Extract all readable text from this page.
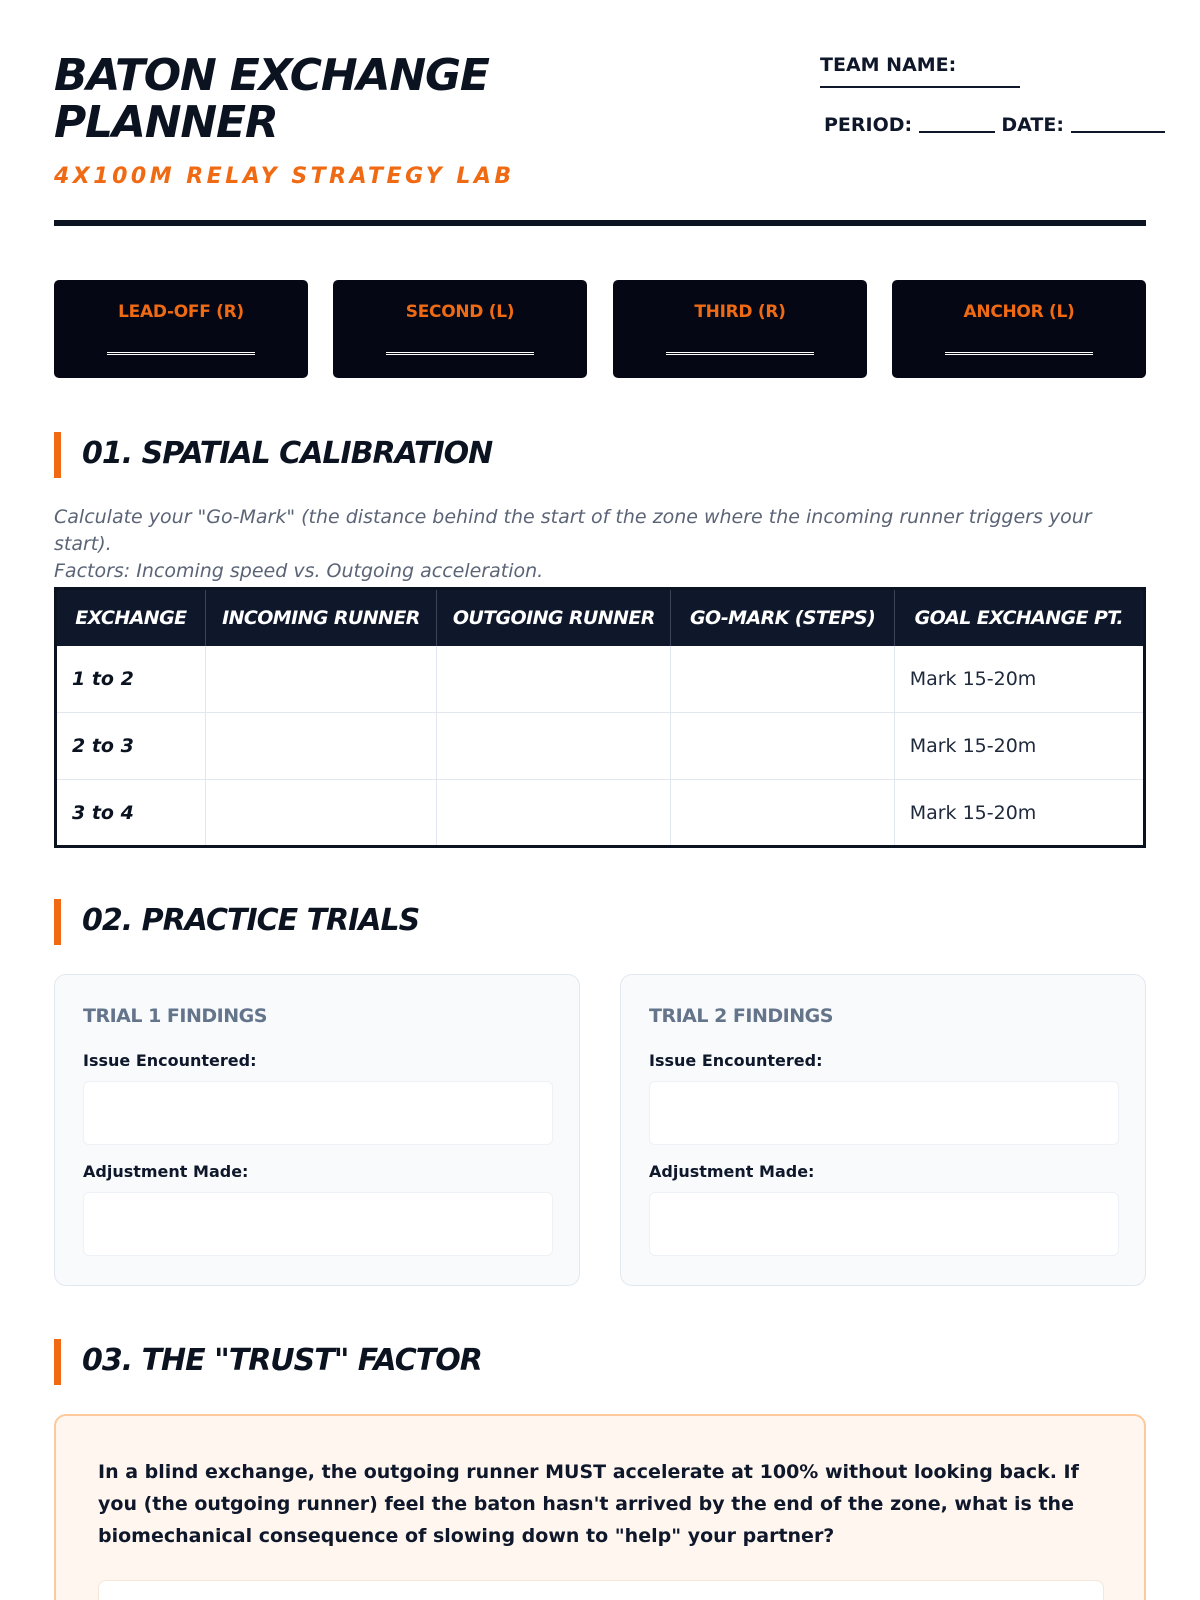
BATON EXCHANGE PLANNER
4X100M RELAY STRATEGY LAB
TEAM NAME:
PERIOD:	DATE:
LEAD-OFF (R)	SECOND (L)	THIRD (R)	ANCHOR (L)
01. SPATIAL CALIBRATION
Calculate your "Go-Mark" (the distance behind the start of the zone where the incoming runner triggers your start).
Factors: Incoming speed vs. Outgoing acceleration.
EXCHANGE	INCOMING RUNNER	OUTGOING RUNNER	GO-MARK (STEPS)	GOAL EXCHANGE PT.
1 to 2				Mark 15-20m
2 to 3				Mark 15-20m
3 to 4				Mark 15-20m
02. PRACTICE TRIALS
TRIAL 1 FINDINGS
Issue Encountered:
Adjustment Made:
TRIAL 2 FINDINGS
Issue Encountered:
Adjustment Made:
03. THE "TRUST" FACTOR

In a blind exchange, the outgoing runner MUST accelerate at 100% without looking back. If you (the outgoing runner) feel the baton hasn't arrived by the end of the zone, what is the biomechanical consequence of slowing down to "help" your partner?
